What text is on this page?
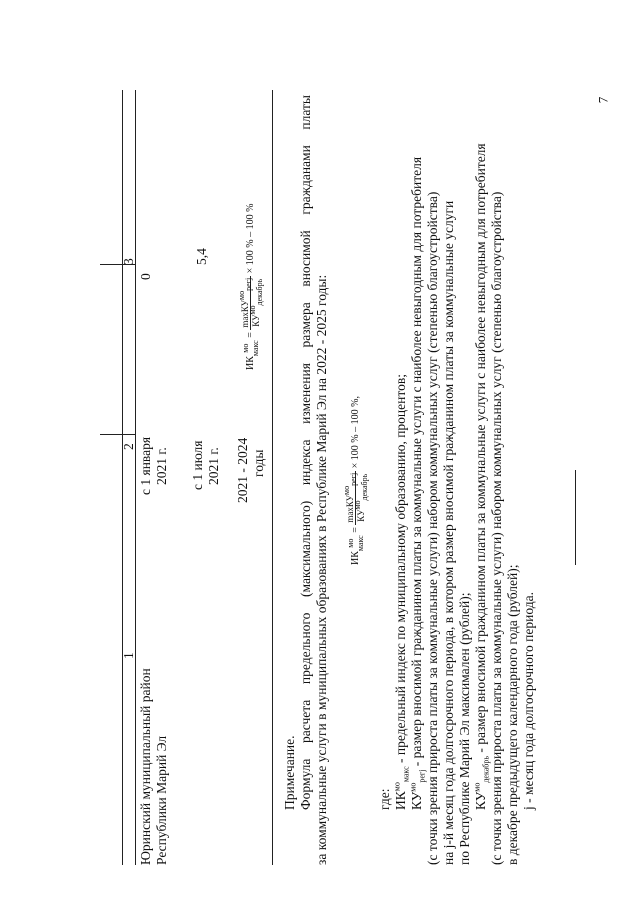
7
1
2
3
Юринский муниципальный район Республики Марий Эл
с 1 января 2021 г.
0
с 1 июля 2021 г.
5,4
2021 - 2024 годы
ИК
мо макс
=
maxКУ$^{мо}_{pегj}$
$КУ^{мо}_{декабрь}$
× 100 % – 100 %
Примечание. Формула расчета предельного (максимального) индекса изменения размера вносимой гражданами платы за коммунальные услуги в муниципальных образованиях в Республике Марий Эл на 2022 - 2025 годы:	ИК
мо макс
=
maxКУ$^{мо}_{pегj}$
$КУ^{мо}_{декабрь}$
× 100 % – 100 %,
где: $ИК^{мо}_{макс}$ - предельный индекс по муниципальному образованию, процентов;
$КУ^{мо}_{pегj}$ - размер вносимой гражданином платы за коммунальные услуги с наиболее невыгодным для потребителя (с точки зрения прироста платы за коммунальные услуги) набором коммунальных услуг (степенью благоустройства) на j-й месяц года долгосрочного периода, в котором размер вносимой гражданином платы за коммунальные услуги по Республике Марий Эл максимален (рублей); $КУ^{мо}_{декабрь}$ - размер вносимой гражданином платы за коммунальные услуги с наиболее невыгодным для потребителя (с точки зрения прироста платы за коммунальные услуги) набором коммунальных услуг (степенью благоустройства) в декабре предыдущего календарного года (рублей); j - месяц года долгосрочного периода.
